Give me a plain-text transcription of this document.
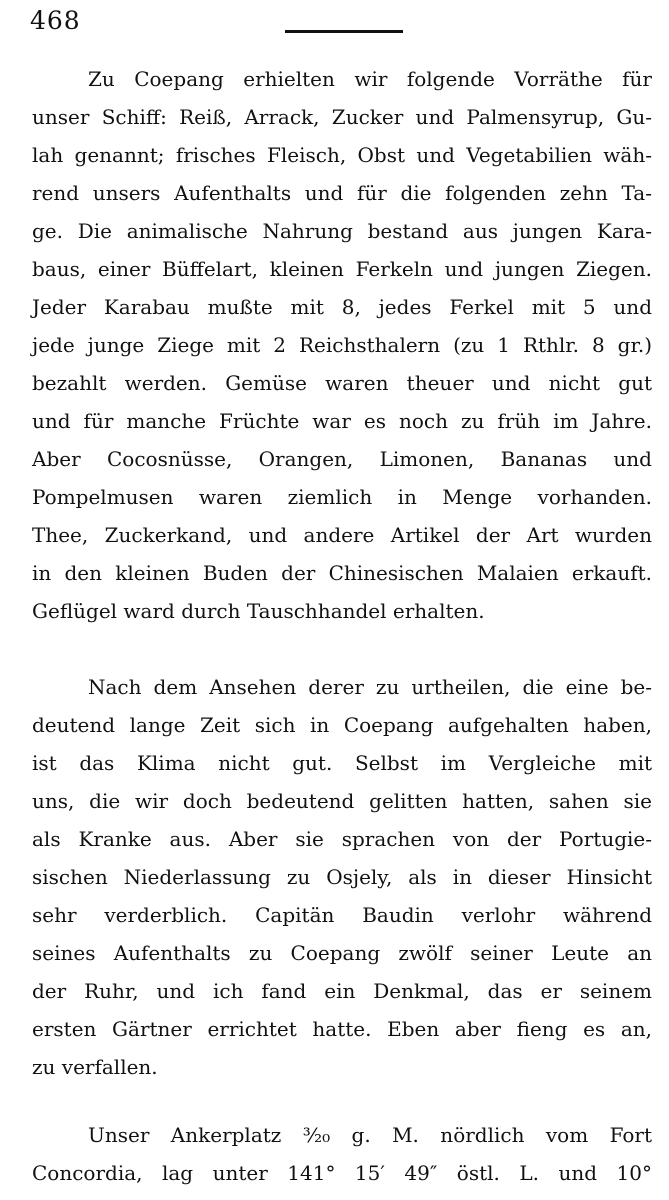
468
Zu Coepang erhielten wir folgende Vorräthe für
unser Schiff: Reiß, Arrack, Zucker und Palmensyrup, Gu-
lah genannt; frisches Fleisch, Obst und Vegetabilien wäh-
rend unsers Aufenthalts und für die folgenden zehn Ta-
ge. Die animalische Nahrung bestand aus jungen Kara-
baus, einer Büffelart, kleinen Ferkeln und jungen Ziegen.
Jeder Karabau mußte mit 8, jedes Ferkel mit 5 und
jede junge Ziege mit 2 Reichsthalern (zu 1 Rthlr. 8 gr.)
bezahlt werden. Gemüse waren theuer und nicht gut
und für manche Früchte war es noch zu früh im Jahre.
Aber Cocosnüsse, Orangen, Limonen, Bananas und
Pompelmusen waren ziemlich in Menge vorhanden.
Thee, Zuckerkand, und andere Artikel der Art wurden
in den kleinen Buden der Chinesischen Malaien erkauft.
Geflügel ward durch Tauschhandel erhalten.
Nach dem Ansehen derer zu urtheilen, die eine be-
deutend lange Zeit sich in Coepang aufgehalten haben,
ist das Klima nicht gut. Selbst im Vergleiche mit
uns, die wir doch bedeutend gelitten hatten, sahen sie
als Kranke aus. Aber sie sprachen von der Portugie-
sischen Niederlassung zu Osjely, als in dieser Hinsicht
sehr verderblich. Capitän Baudin verlohr während
seines Aufenthalts zu Coepang zwölf seiner Leute an
der Ruhr, und ich fand ein Denkmal, das er seinem
ersten Gärtner errichtet hatte. Eben aber fieng es an,
zu verfallen.
Unser Ankerplatz ³⁄₂₀ g. M. nördlich vom Fort
Concordia, lag unter 141° 15′ 49″ östl. L. und 10°
